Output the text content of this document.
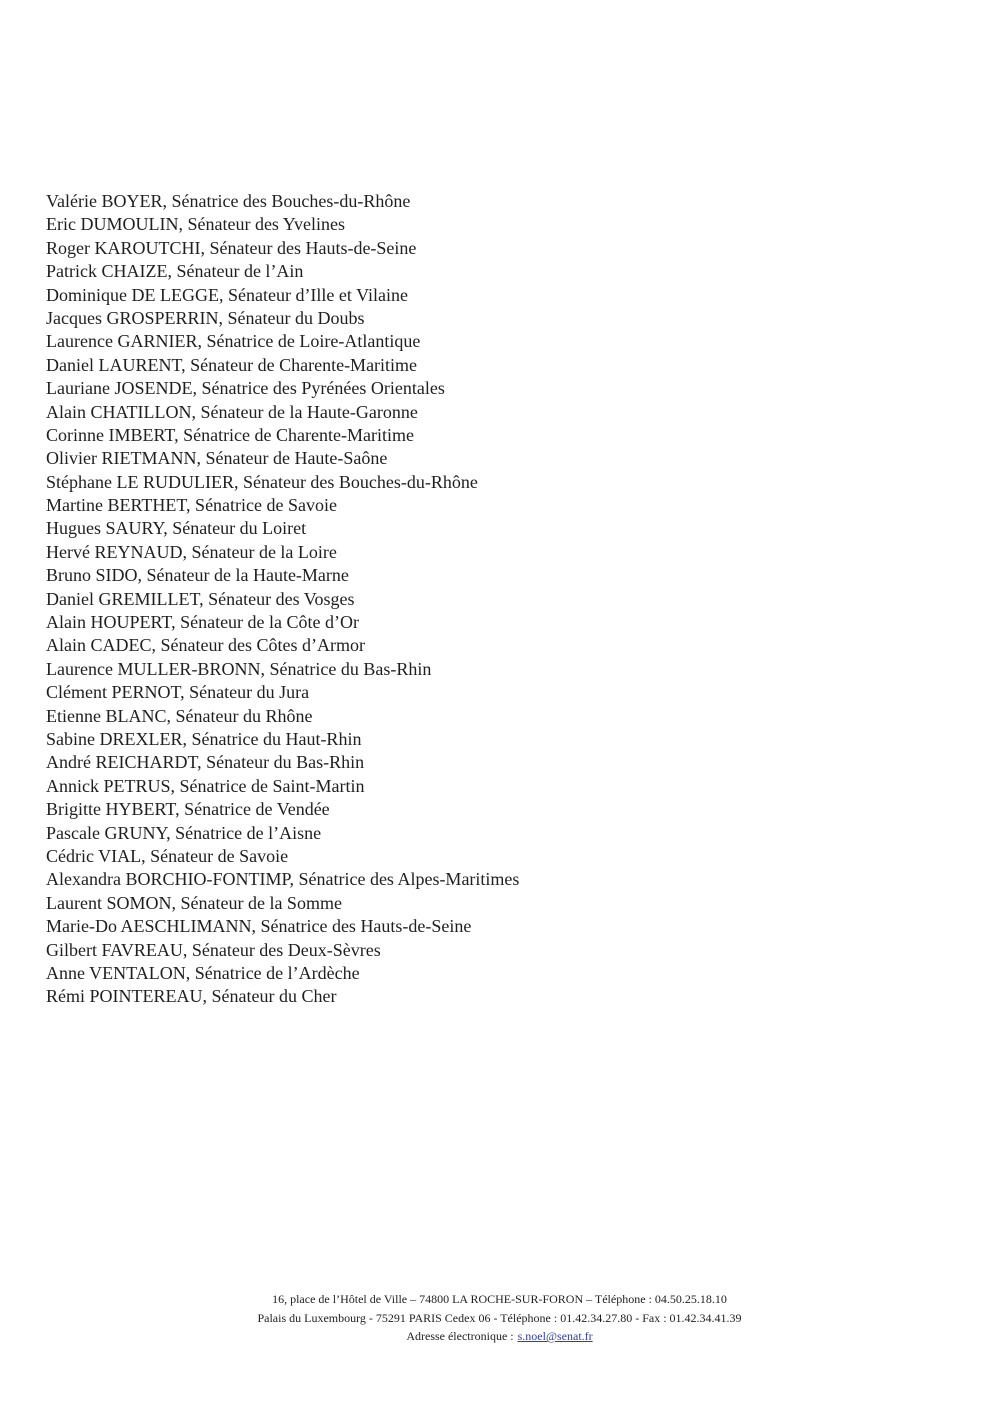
Valérie BOYER, Sénatrice des Bouches-du-Rhône
Eric DUMOULIN, Sénateur des Yvelines
Roger KAROUTCHI, Sénateur des Hauts-de-Seine
Patrick CHAIZE, Sénateur de l’Ain
Dominique DE LEGGE, Sénateur d’Ille et Vilaine
Jacques GROSPERRIN, Sénateur du Doubs
Laurence GARNIER, Sénatrice de Loire-Atlantique
Daniel LAURENT, Sénateur de Charente-Maritime
Lauriane JOSENDE, Sénatrice des Pyrénées Orientales
Alain CHATILLON, Sénateur de la Haute-Garonne
Corinne IMBERT, Sénatrice de Charente-Maritime
Olivier RIETMANN, Sénateur de Haute-Saône
Stéphane LE RUDULIER, Sénateur des Bouches-du-Rhône
Martine BERTHET, Sénatrice de Savoie
Hugues SAURY, Sénateur du Loiret
Hervé REYNAUD, Sénateur de la Loire
Bruno SIDO, Sénateur de la Haute-Marne
Daniel GREMILLET, Sénateur des Vosges
Alain HOUPERT, Sénateur de la Côte d’Or
Alain CADEC, Sénateur des Côtes d’Armor
Laurence MULLER-BRONN, Sénatrice du Bas-Rhin
Clément PERNOT, Sénateur du Jura
Etienne BLANC, Sénateur du Rhône
Sabine DREXLER, Sénatrice du Haut-Rhin
André REICHARDT, Sénateur du Bas-Rhin
Annick PETRUS, Sénatrice de Saint-Martin
Brigitte HYBERT, Sénatrice de Vendée
Pascale GRUNY, Sénatrice de l’Aisne
Cédric VIAL, Sénateur de Savoie
Alexandra BORCHIO-FONTIMP, Sénatrice des Alpes-Maritimes
Laurent SOMON, Sénateur de la Somme
Marie-Do AESCHLIMANN, Sénatrice des Hauts-de-Seine
Gilbert FAVREAU, Sénateur des Deux-Sèvres
Anne VENTALON, Sénatrice de l’Ardèche
Rémi POINTEREAU, Sénateur du Cher
16, place de l’Hôtel de Ville – 74800 LA ROCHE-SUR-FORON – Téléphone : 04.50.25.18.10
Palais du Luxembourg - 75291 PARIS Cedex 06 - Téléphone : 01.42.34.27.80 - Fax : 01.42.34.41.39
Adresse électronique : s.noel@senat.fr
